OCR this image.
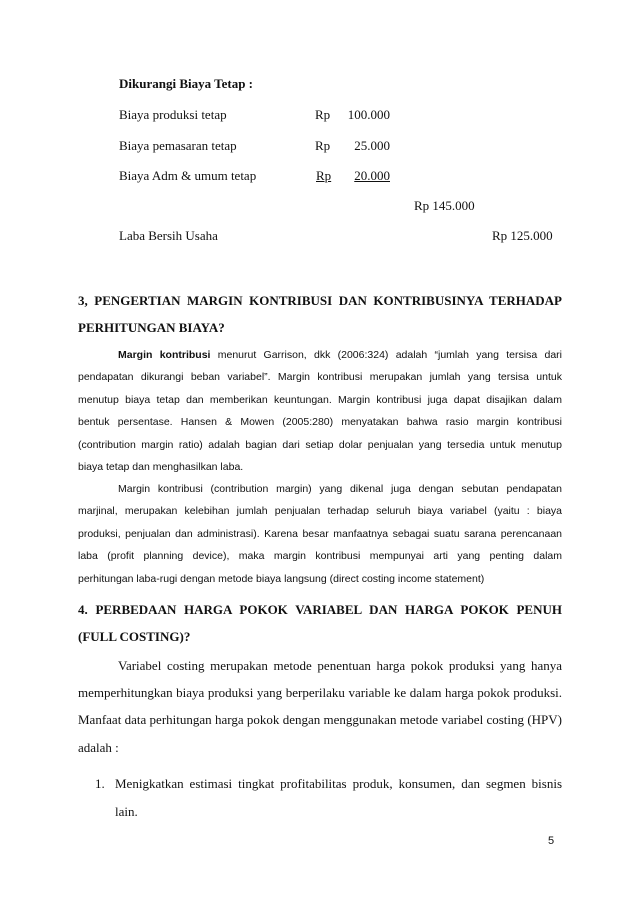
Dikurangi Biaya Tetap :
Biaya produksi tetap	Rp	100.000
Biaya pemasaran tetap	Rp	25.000
Biaya Adm & umum tetap	Rp	20.000
Rp 145.000
Laba Bersih Usaha	Rp 125.000
3, PENGERTIAN MARGIN KONTRIBUSI DAN KONTRIBUSINYA TERHADAP
PERHITUNGAN BIAYA?
Margin kontribusi menurut Garrison, dkk (2006:324) adalah “jumlah yang tersisa dari
pendapatan dikurangi beban variabel”. Margin kontribusi merupakan jumlah yang tersisa untuk
menutup biaya tetap dan memberikan keuntungan. Margin kontribusi juga dapat disajikan dalam
bentuk persentase. Hansen & Mowen (2005:280) menyatakan bahwa rasio margin kontribusi
(contribution margin ratio) adalah bagian dari setiap dolar penjualan yang tersedia untuk menutup
biaya tetap dan menghasilkan laba.
Margin kontribusi (contribution margin) yang dikenal juga dengan sebutan pendapatan
marjinal, merupakan kelebihan jumlah penjualan terhadap seluruh biaya variabel (yaitu : biaya
produksi, penjualan dan administrasi). Karena besar manfaatnya sebagai suatu sarana perencanaan
laba (profit planning device), maka margin kontribusi mempunyai arti yang penting dalam
perhitungan laba-rugi dengan metode biaya langsung (direct costing income statement)
4. PERBEDAAN HARGA POKOK VARIABEL DAN HARGA POKOK PENUH
(FULL COSTING)?
Variabel costing merupakan metode penentuan harga pokok produksi yang hanya
memperhitungkan biaya produksi yang berperilaku variable ke dalam harga pokok produksi.
Manfaat data perhitungan harga pokok dengan menggunakan metode variabel costing (HPV)
adalah :
1. Menigkatkan estimasi tingkat profitabilitas produk, konsumen, dan segmen bisnis
lain.
5
